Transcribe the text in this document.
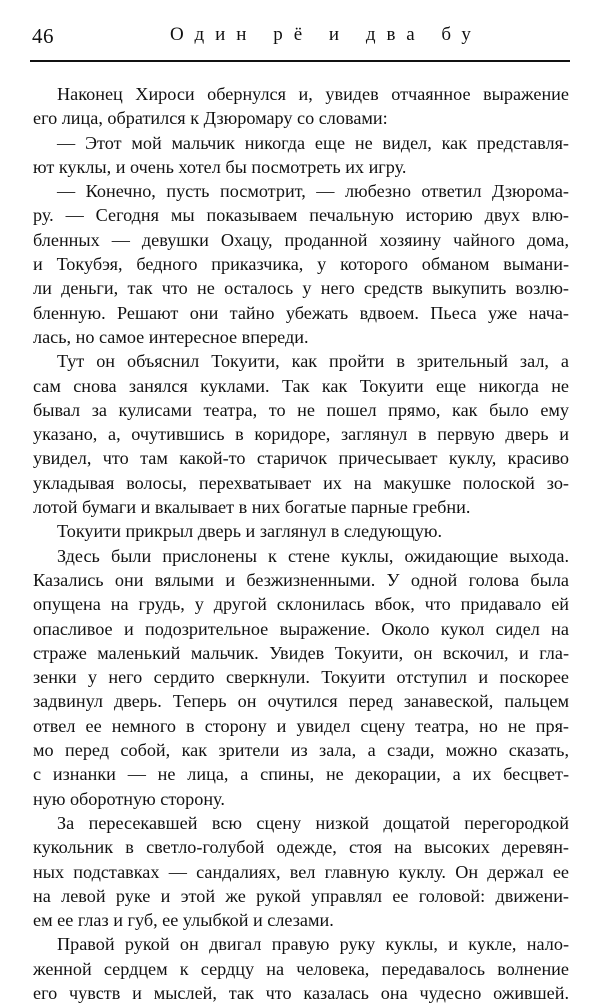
46	Один рё и два бу
Наконец Хироси обернулся и, увидев отчаянное выражение
его лица, обратился к Дзюромару со словами:
— Этот мой мальчик никогда еще не видел, как представля-
ют куклы, и очень хотел бы посмотреть их игру.
— Конечно, пусть посмотрит, — любезно ответил Дзюрома-
ру. — Сегодня мы показываем печальную историю двух влю-
бленных — девушки Охацу, проданной хозяину чайного дома,
и Токубэя, бедного приказчика, у которого обманом вымани-
ли деньги, так что не осталось у него средств выкупить возлю-
бленную. Решают они тайно убежать вдвоем. Пьеса уже нача-
лась, но самое интересное впереди.
Тут он объяснил Токуити, как пройти в зрительный зал, а
сам снова занялся куклами. Так как Токуити еще никогда не
бывал за кулисами театра, то не пошел прямо, как было ему
указано, а, очутившись в коридоре, заглянул в первую дверь и
увидел, что там какой-то старичок причесывает куклу, красиво
укладывая волосы, перехватывает их на макушке полоской зо-
лотой бумаги и вкалывает в них богатые парные гребни.
Токуити прикрыл дверь и заглянул в следующую.
Здесь были прислонены к стене куклы, ожидающие выхода.
Казались они вялыми и безжизненными. У одной голова была
опущена на грудь, у другой склонилась вбок, что придавало ей
опасливое и подозрительное выражение. Около кукол сидел на
страже маленький мальчик. Увидев Токуити, он вскочил, и гла-
зенки у него сердито сверкнули. Токуити отступил и поскорее
задвинул дверь. Теперь он очутился перед занавеской, пальцем
отвел ее немного в сторону и увидел сцену театра, но не пря-
мо перед собой, как зрители из зала, а сзади, можно сказать,
с изнанки — не лица, а спины, не декорации, а их бесцвет-
ную оборотную сторону.
За пересекавшей всю сцену низкой дощатой перегородкой
кукольник в светло-голубой одежде, стоя на высоких деревян-
ных подставках — сандалиях, вел главную куклу. Он держал ее
на левой руке и этой же рукой управлял ее головой: движени-
ем ее глаз и губ, ее улыбкой и слезами.
Правой рукой он двигал правую руку куклы, и кукле, нало-
женной сердцем к сердцу на человека, передавалось волнение
его чувств и мыслей, так что казалась она чудесно ожившей.
